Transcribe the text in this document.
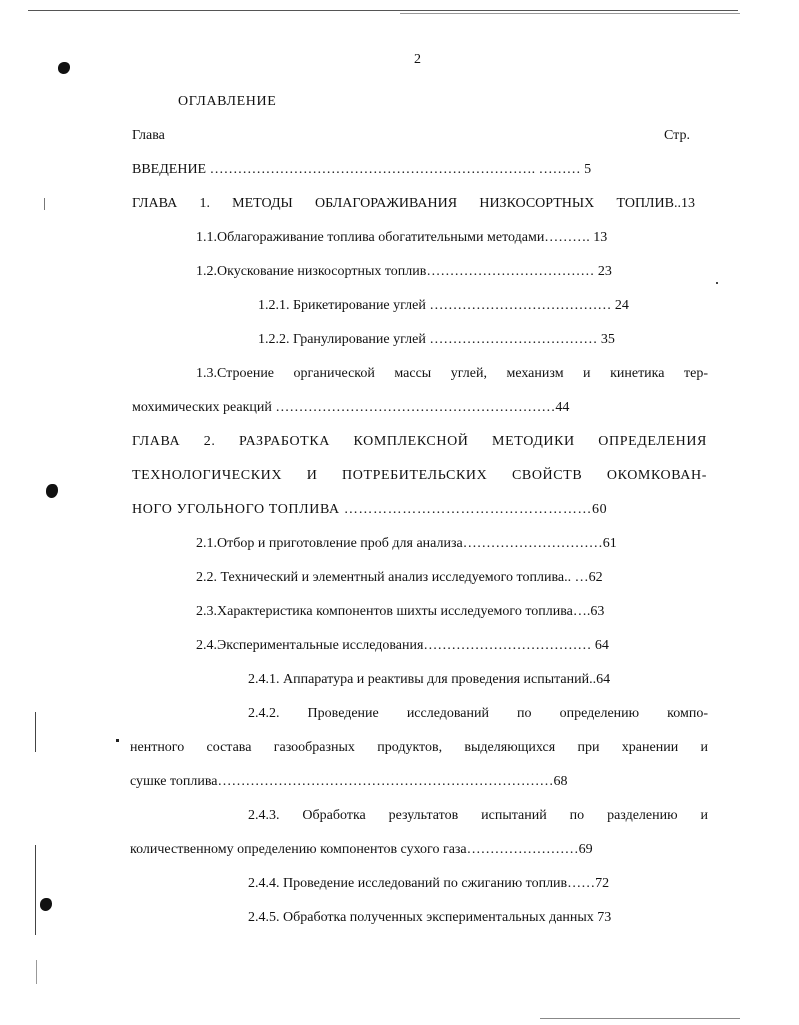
2
ОГЛАВЛЕНИЕ
Глава	Стр.
ВВЕДЕНИЕ ……………………………………………………………. ……… 5
ГЛАВА 1. МЕТОДЫ ОБЛАГОРАЖИВАНИЯ НИЗКОСОРТНЫХ ТОПЛИВ..13
1.1.Облагораживание топлива обогатительными методами………. 13
1.2.Окускование низкосортных топлив……………………………… 23
1.2.1. Брикетирование углей ………………………………… 24
1.2.2. Гранулирование углей ……………………………… 35
1.3.Строение органической массы углей, механизм и кинетика тер-
мохимических реакций ……………………………………………………44
ГЛАВА 2. РАЗРАБОТКА КОМПЛЕКСНОЙ МЕТОДИКИ ОПРЕДЕЛЕНИЯ
ТЕХНОЛОГИЧЕСКИХ И ПОТРЕБИТЕЛЬСКИХ СВОЙСТВ ОКОМКОВАН-
НОГО УГОЛЬНОГО ТОПЛИВА ……………………………………………60
2.1.Отбор и приготовление проб для анализа…………………………61
2.2. Технический и элементный анализ исследуемого топлива.. …62
2.3.Характеристика компонентов шихты исследуемого топлива….63
2.4.Экспериментальные исследования……………………………… 64
2.4.1. Аппаратура и реактивы для проведения испытаний..64
2.4.2. Проведение исследований по определению компо-
нентного состава газообразных продуктов, выделяющихся при хранении и
сушке топлива………………………………………………………………68
2.4.3. Обработка результатов испытаний по разделению и
количественному определению компонентов сухого газа……………………69
2.4.4. Проведение исследований по сжиганию топлив……72
2.4.5. Обработка полученных экспериментальных данных 73
